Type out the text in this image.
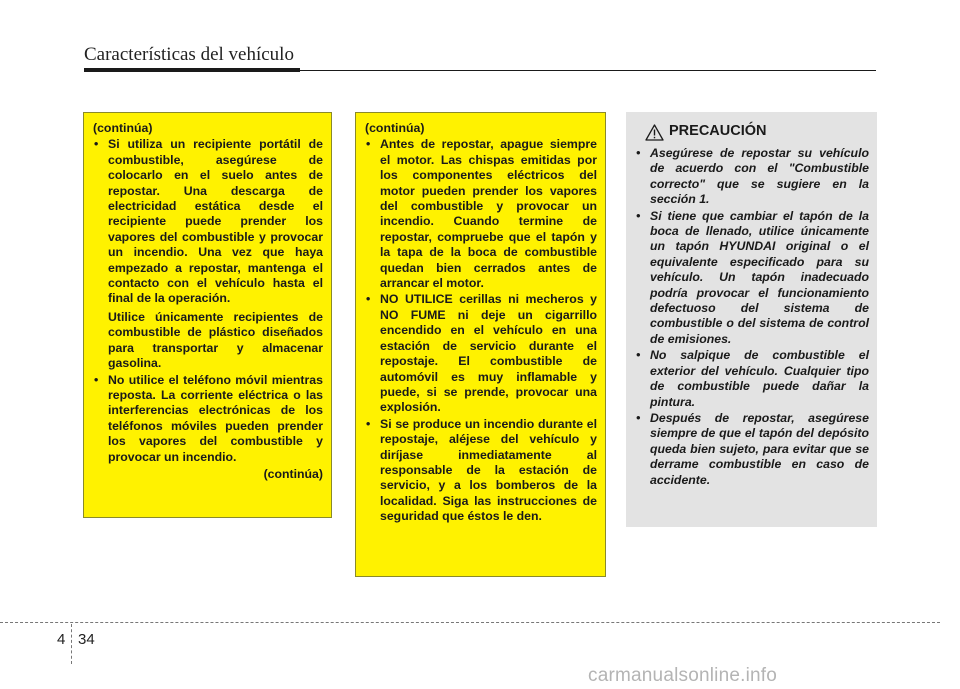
Características del vehículo
(continúa)

• Si utiliza un recipiente portátil de combustible, asegúrese de colocarlo en el suelo antes de repostar. Una descarga de electricidad estática desde el recipiente puede prender los vapores del combustible y provocar un incendio. Una vez que haya empezado a repostar, mantenga el contacto con el vehículo hasta el final de la operación.

Utilice únicamente recipientes de combustible de plástico diseñados para transportar y almacenar gasolina.

• No utilice el teléfono móvil mientras reposta. La corriente eléctrica o las interferencias electrónicas de los teléfonos móviles pueden prender los vapores del combustible y provocar un incendio.

(continúa)
(continúa)

• Antes de repostar, apague siempre el motor. Las chispas emitidas por los componentes eléctricos del motor pueden prender los vapores del combustible y provocar un incendio. Cuando termine de repostar, compruebe que el tapón y la tapa de la boca de combustible quedan bien cerrados antes de arrancar el motor.

• NO UTILICE cerillas ni mecheros y NO FUME ni deje un cigarrillo encendido en el vehículo en una estación de servicio durante el repostaje. El combustible de automóvil es muy inflamable y puede, si se prende, provocar una explosión.

• Si se produce un incendio durante el repostaje, aléjese del vehículo y diríjase inmediatamente al responsable de la estación de servicio, y a los bomberos de la localidad. Siga las instrucciones de seguridad que éstos le den.

PRECAUCIÓN

• Asegúrese de repostar su vehículo de acuerdo con el "Combustible correcto" que se sugiere en la sección 1.

• Si tiene que cambiar el tapón de la boca de llenado, utilice únicamente un tapón HYUNDAI original o el equivalente especificado para su vehículo. Un tapón inadecuado podría provocar el funcionamiento defectuoso del sistema de combustible o del sistema de control de emisiones.

• No salpique de combustible el exterior del vehículo. Cualquier tipo de combustible puede dañar la pintura.

• Después de repostar, asegúrese siempre de que el tapón del depósito queda bien sujeto, para evitar que se derrame combustible en caso de accidente.

4 34
carmanualsonline.info
